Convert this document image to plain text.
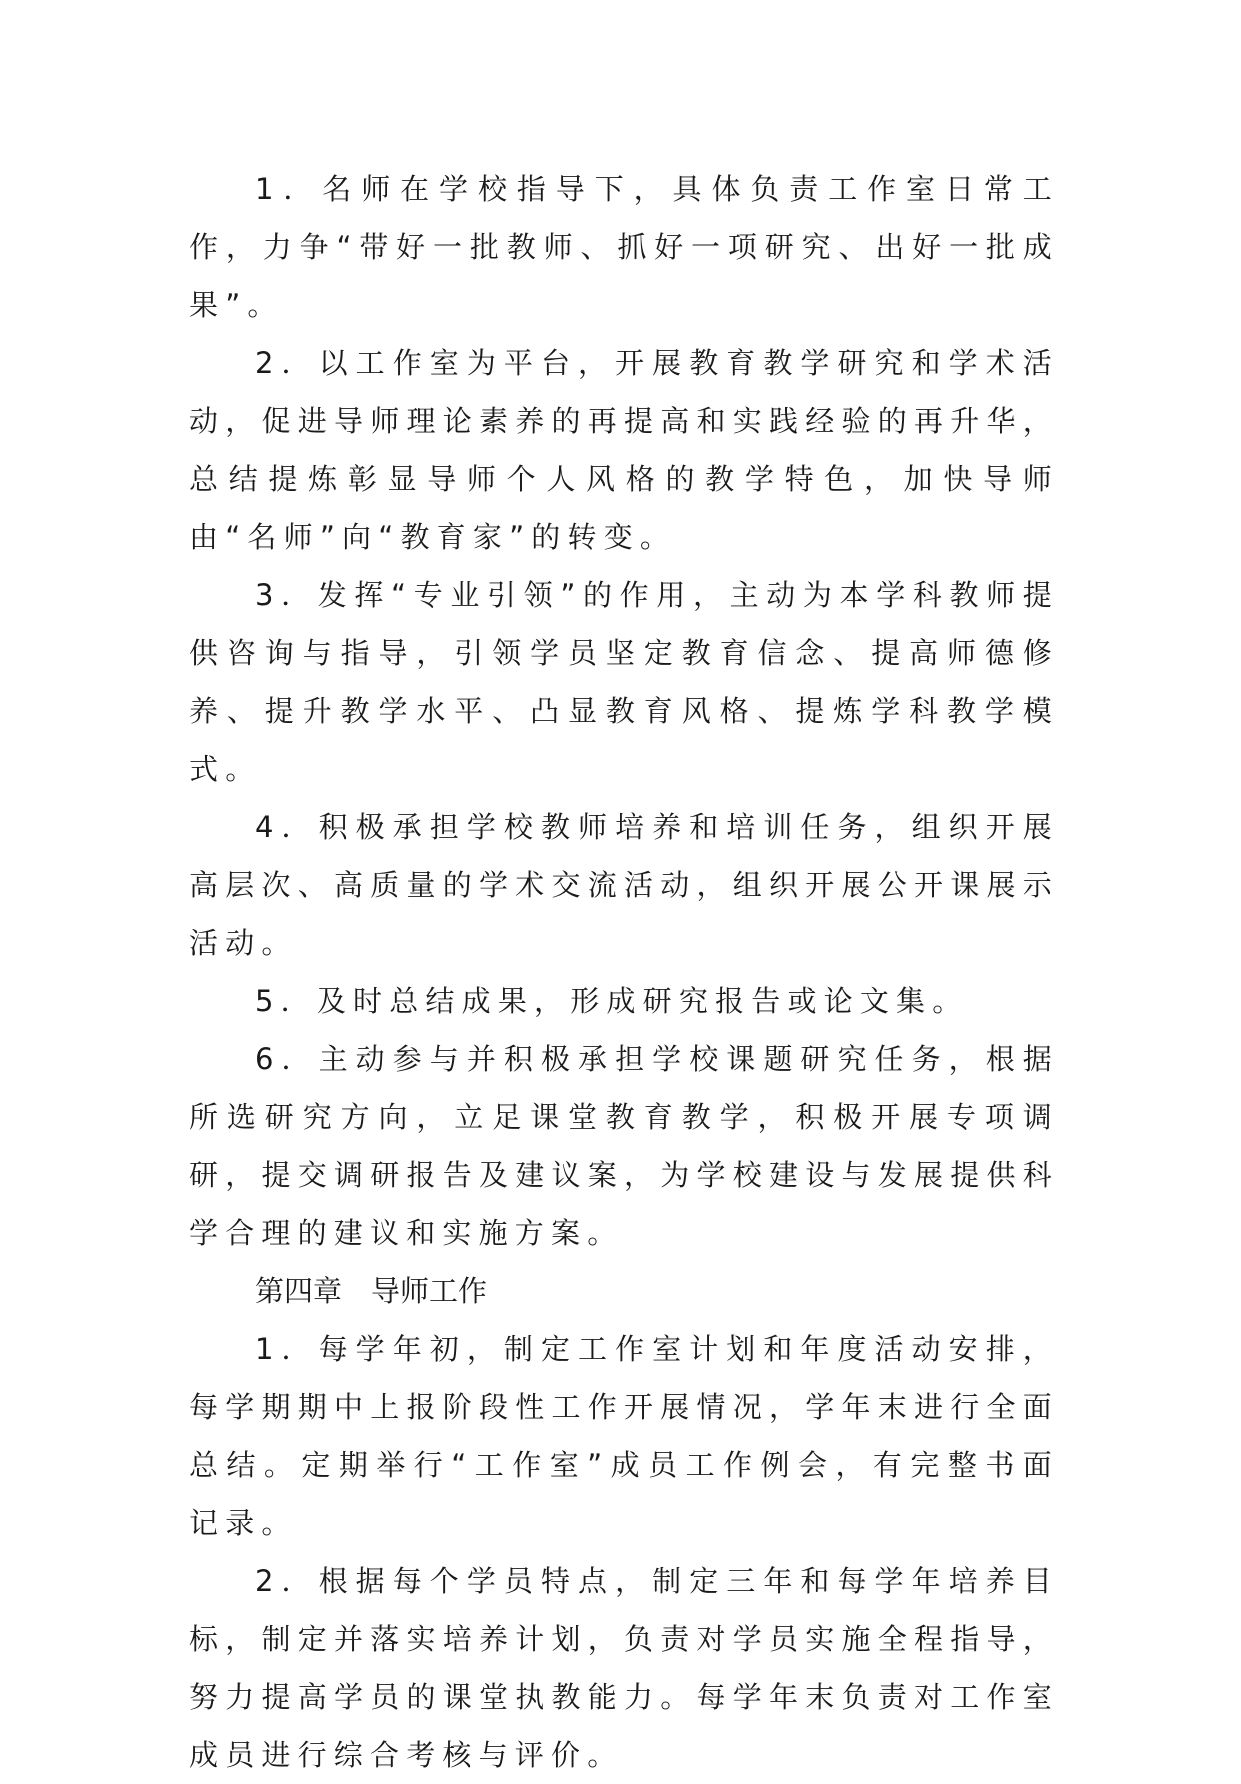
1．名师在学校指导下，具体负责工作室日常工作，力争“带好一批教师、抓好一项研究、出好一批成果”。

2．以工作室为平台，开展教育教学研究和学术活动，促进导师理论素养的再提高和实践经验的再升华，总结提炼彰显导师个人风格的教学特色，加快导师由“名师”向“教育家”的转变。

3．发挥“专业引领”的作用，主动为本学科教师提供咨询与指导，引领学员坚定教育信念、提高师德修养、提升教学水平、凸显教育风格、提炼学科教学模式。

4．积极承担学校教师培养和培训任务，组织开展高层次、高质量的学术交流活动，组织开展公开课展示活动。

5．及时总结成果，形成研究报告或论文集。

6．主动参与并积极承担学校课题研究任务，根据所选研究方向，立足课堂教育教学，积极开展专项调研，提交调研报告及建议案，为学校建设与发展提供科学合理的建议和实施方案。

第四章　导师工作

1．每学年初，制定工作室计划和年度活动安排，每学期期中上报阶段性工作开展情况，学年末进行全面总结。定期举行“工作室”成员工作例会，有完整书面记录。

2．根据每个学员特点，制定三年和每学年培养目标，制定并落实培养计划，负责对学员实施全程指导，努力提高学员的课堂执教能力。每学年末负责对工作室成员进行综合考核与评价。
